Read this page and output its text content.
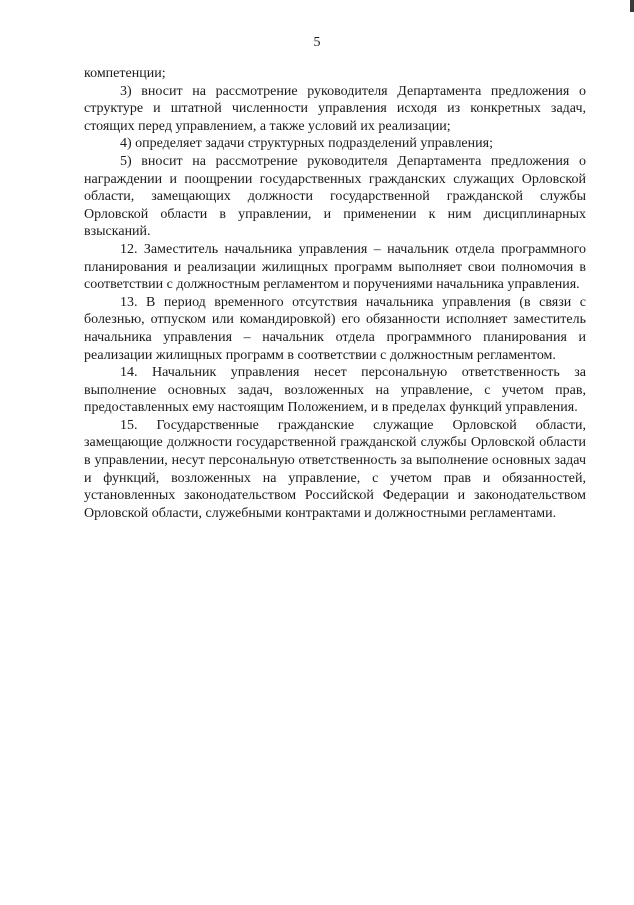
5

компетенции;

3) вносит на рассмотрение руководителя Департамента предложения о структуре и штатной численности управления исходя из конкретных задач, стоящих перед управлением, а также условий их реализации;

4) определяет задачи структурных подразделений управления;

5) вносит на рассмотрение руководителя Департамента предложения о награждении и поощрении государственных гражданских служащих Орловской области, замещающих должности государственной гражданской службы Орловской области в управлении, и применении к ним дисциплинарных взысканий.

12. Заместитель начальника управления – начальник отдела программного планирования и реализации жилищных программ выполняет свои полномочия в соответствии с должностным регламентом и поручениями начальника управления.

13. В период временного отсутствия начальника управления (в связи с болезнью, отпуском или командировкой) его обязанности исполняет заместитель начальника управления – начальник отдела программного планирования и реализации жилищных программ в соответствии с должностным регламентом.

14. Начальник управления несет персональную ответственность за выполнение основных задач, возложенных на управление, с учетом прав, предоставленных ему настоящим Положением, и в пределах функций управления.

15. Государственные гражданские служащие Орловской области, замещающие должности государственной гражданской службы Орловской области в управлении, несут персональную ответственность за выполнение основных задач и функций, возложенных на управление, с учетом прав и обязанностей, установленных законодательством Российской Федерации и законодательством Орловской области, служебными контрактами и должностными регламентами.
